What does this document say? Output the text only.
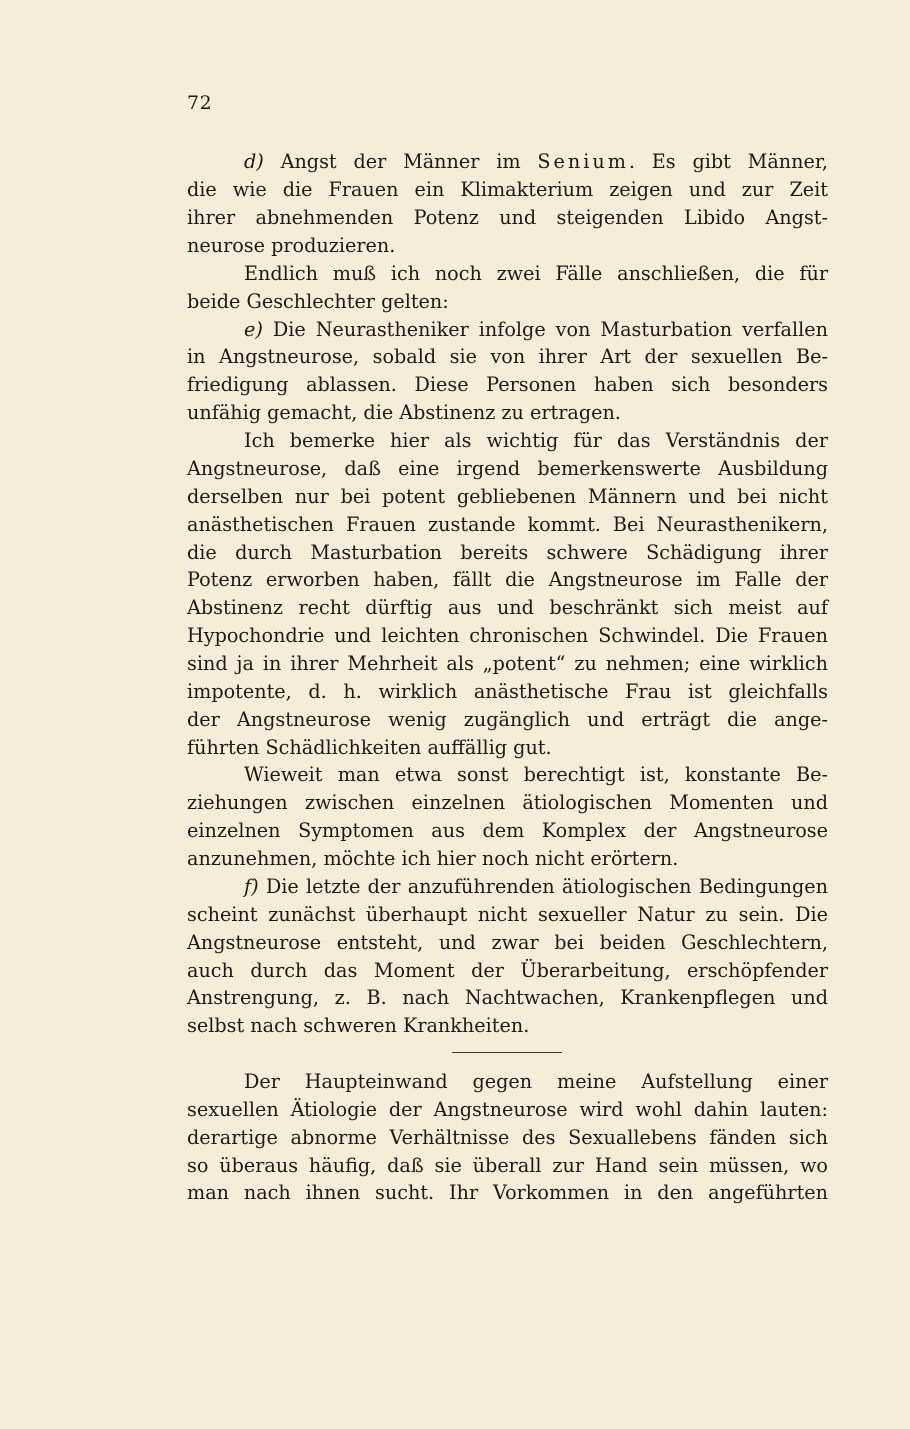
72
d) Angst der Männer im Senium. Es gibt Männer,
die wie die Frauen ein Klimakterium zeigen und zur Zeit
ihrer abnehmenden Potenz und steigenden Libido Angst-
neurose produzieren.
Endlich muß ich noch zwei Fälle anschließen, die für
beide Geschlechter gelten:
e) Die Neurastheniker infolge von Masturbation verfallen
in Angstneurose, sobald sie von ihrer Art der sexuellen Be-
friedigung ablassen. Diese Personen haben sich besonders
unfähig gemacht, die Abstinenz zu ertragen.
Ich bemerke hier als wichtig für das Verständnis der
Angstneurose, daß eine irgend bemerkenswerte Ausbildung
derselben nur bei potent gebliebenen Männern und bei nicht
anästhetischen Frauen zustande kommt. Bei Neurasthenikern,
die durch Masturbation bereits schwere Schädigung ihrer
Potenz erworben haben, fällt die Angstneurose im Falle der
Abstinenz recht dürftig aus und beschränkt sich meist auf
Hypochondrie und leichten chronischen Schwindel. Die Frauen
sind ja in ihrer Mehrheit als „potent“ zu nehmen; eine wirklich
impotente, d. h. wirklich anästhetische Frau ist gleichfalls
der Angstneurose wenig zugänglich und erträgt die ange-
führten Schädlichkeiten auffällig gut.
Wieweit man etwa sonst berechtigt ist, konstante Be-
ziehungen zwischen einzelnen ätiologischen Momenten und
einzelnen Symptomen aus dem Komplex der Angstneurose
anzunehmen, möchte ich hier noch nicht erörtern.
f) Die letzte der anzuführenden ätiologischen Bedingungen
scheint zunächst überhaupt nicht sexueller Natur zu sein. Die
Angstneurose entsteht, und zwar bei beiden Geschlechtern,
auch durch das Moment der Überarbeitung, erschöpfender
Anstrengung, z. B. nach Nachtwachen, Krankenpflegen und
selbst nach schweren Krankheiten.
Der Haupteinwand gegen meine Aufstellung einer
sexuellen Ätiologie der Angstneurose wird wohl dahin lauten:
derartige abnorme Verhältnisse des Sexuallebens fänden sich
so überaus häufig, daß sie überall zur Hand sein müssen, wo
man nach ihnen sucht. Ihr Vorkommen in den angeführten
